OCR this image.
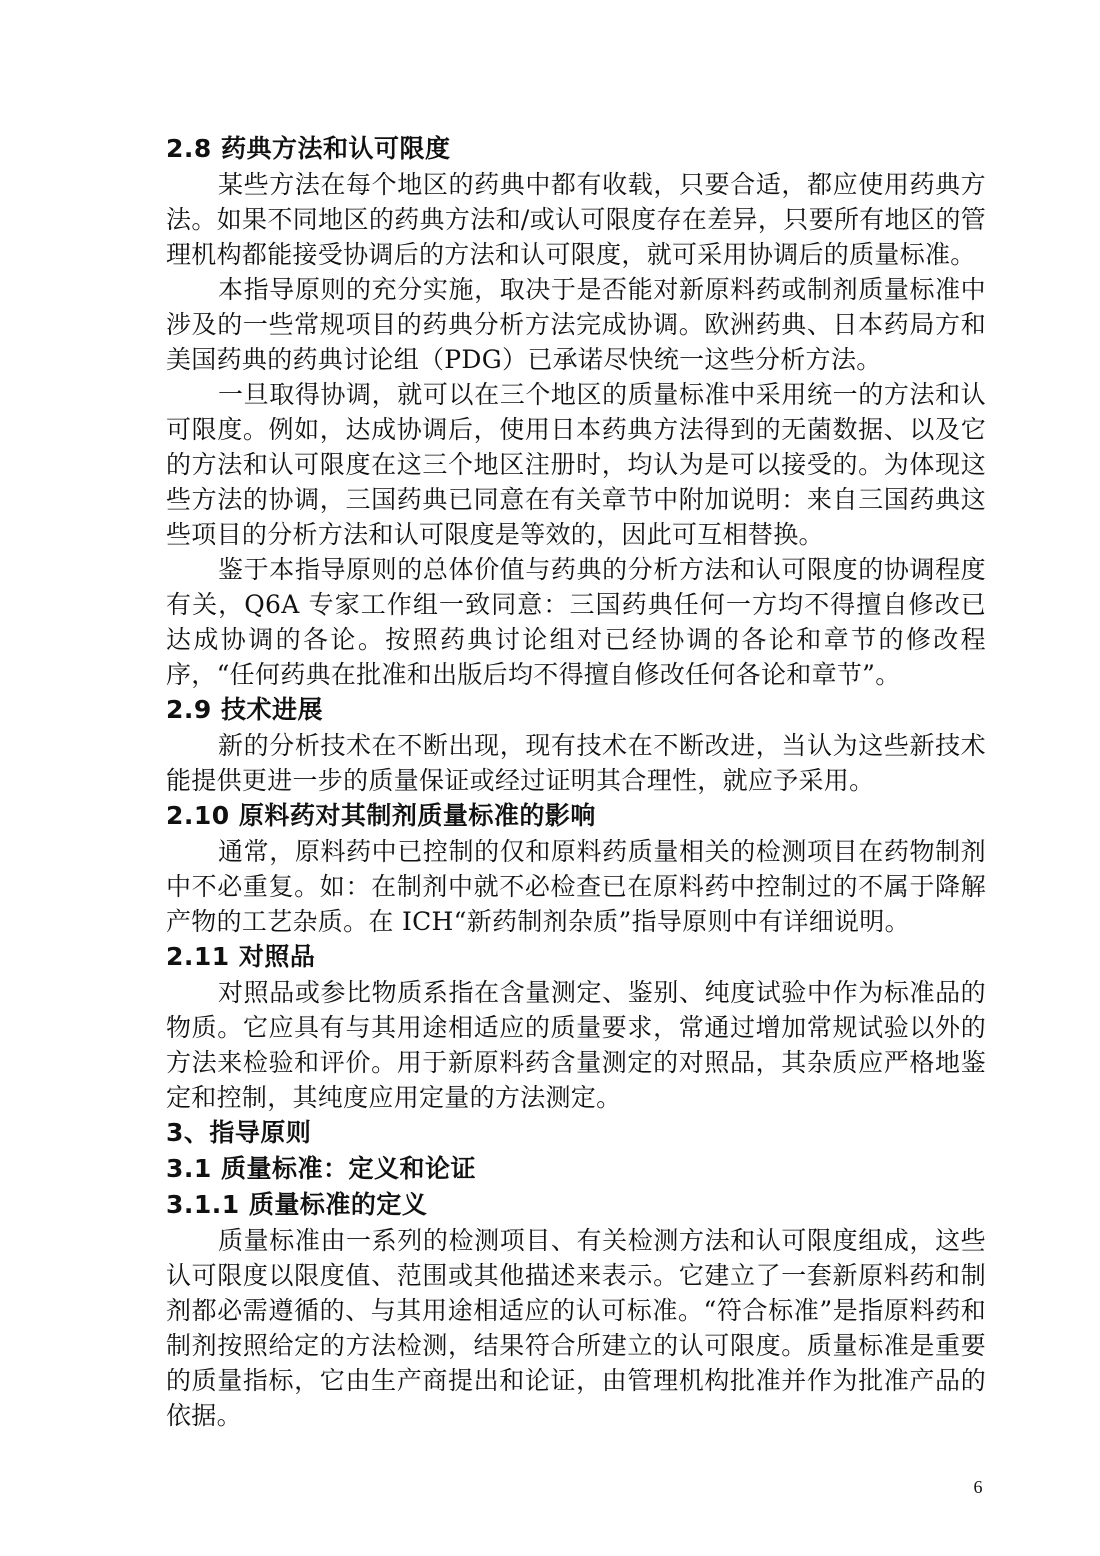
2.8 药典方法和认可限度

某些方法在每个地区的药典中都有收载，只要合适，都应使用药典方法。如果不同地区的药典方法和/或认可限度存在差异，只要所有地区的管理机构都能接受协调后的方法和认可限度，就可采用协调后的质量标准。

本指导原则的充分实施，取决于是否能对新原料药或制剂质量标准中涉及的一些常规项目的药典分析方法完成协调。欧洲药典、日本药局方和美国药典的药典讨论组（PDG）已承诺尽快统一这些分析方法。

一旦取得协调，就可以在三个地区的质量标准中采用统一的方法和认可限度。例如，达成协调后，使用日本药典方法得到的无菌数据、以及它的方法和认可限度在这三个地区注册时，均认为是可以接受的。为体现这些方法的协调，三国药典已同意在有关章节中附加说明：来自三国药典这些项目的分析方法和认可限度是等效的，因此可互相替换。

鉴于本指导原则的总体价值与药典的分析方法和认可限度的协调程度有关，Q6A 专家工作组一致同意：三国药典任何一方均不得擅自修改已达成协调的各论。按照药典讨论组对已经协调的各论和章节的修改程序，“任何药典在批准和出版后均不得擅自修改任何各论和章节”。

2.9 技术进展

新的分析技术在不断出现，现有技术在不断改进，当认为这些新技术能提供更进一步的质量保证或经过证明其合理性，就应予采用。

2.10 原料药对其制剂质量标准的影响

通常，原料药中已控制的仅和原料药质量相关的检测项目在药物制剂中不必重复。如：在制剂中就不必检查已在原料药中控制过的不属于降解产物的工艺杂质。在 ICH“新药制剂杂质”指导原则中有详细说明。

2.11 对照品

对照品或参比物质系指在含量测定、鉴别、纯度试验中作为标准品的物质。它应具有与其用途相适应的质量要求，常通过增加常规试验以外的方法来检验和评价。用于新原料药含量测定的对照品，其杂质应严格地鉴定和控制，其纯度应用定量的方法测定。

3、指导原则
3.1 质量标准：定义和论证
3.1.1 质量标准的定义

质量标准由一系列的检测项目、有关检测方法和认可限度组成，这些认可限度以限度值、范围或其他描述来表示。它建立了一套新原料药和制剂都必需遵循的、与其用途相适应的认可标准。“符合标准”是指原料药和制剂按照给定的方法检测，结果符合所建立的认可限度。质量标准是重要的质量指标，它由生产商提出和论证，由管理机构批准并作为批准产品的依据。

6
